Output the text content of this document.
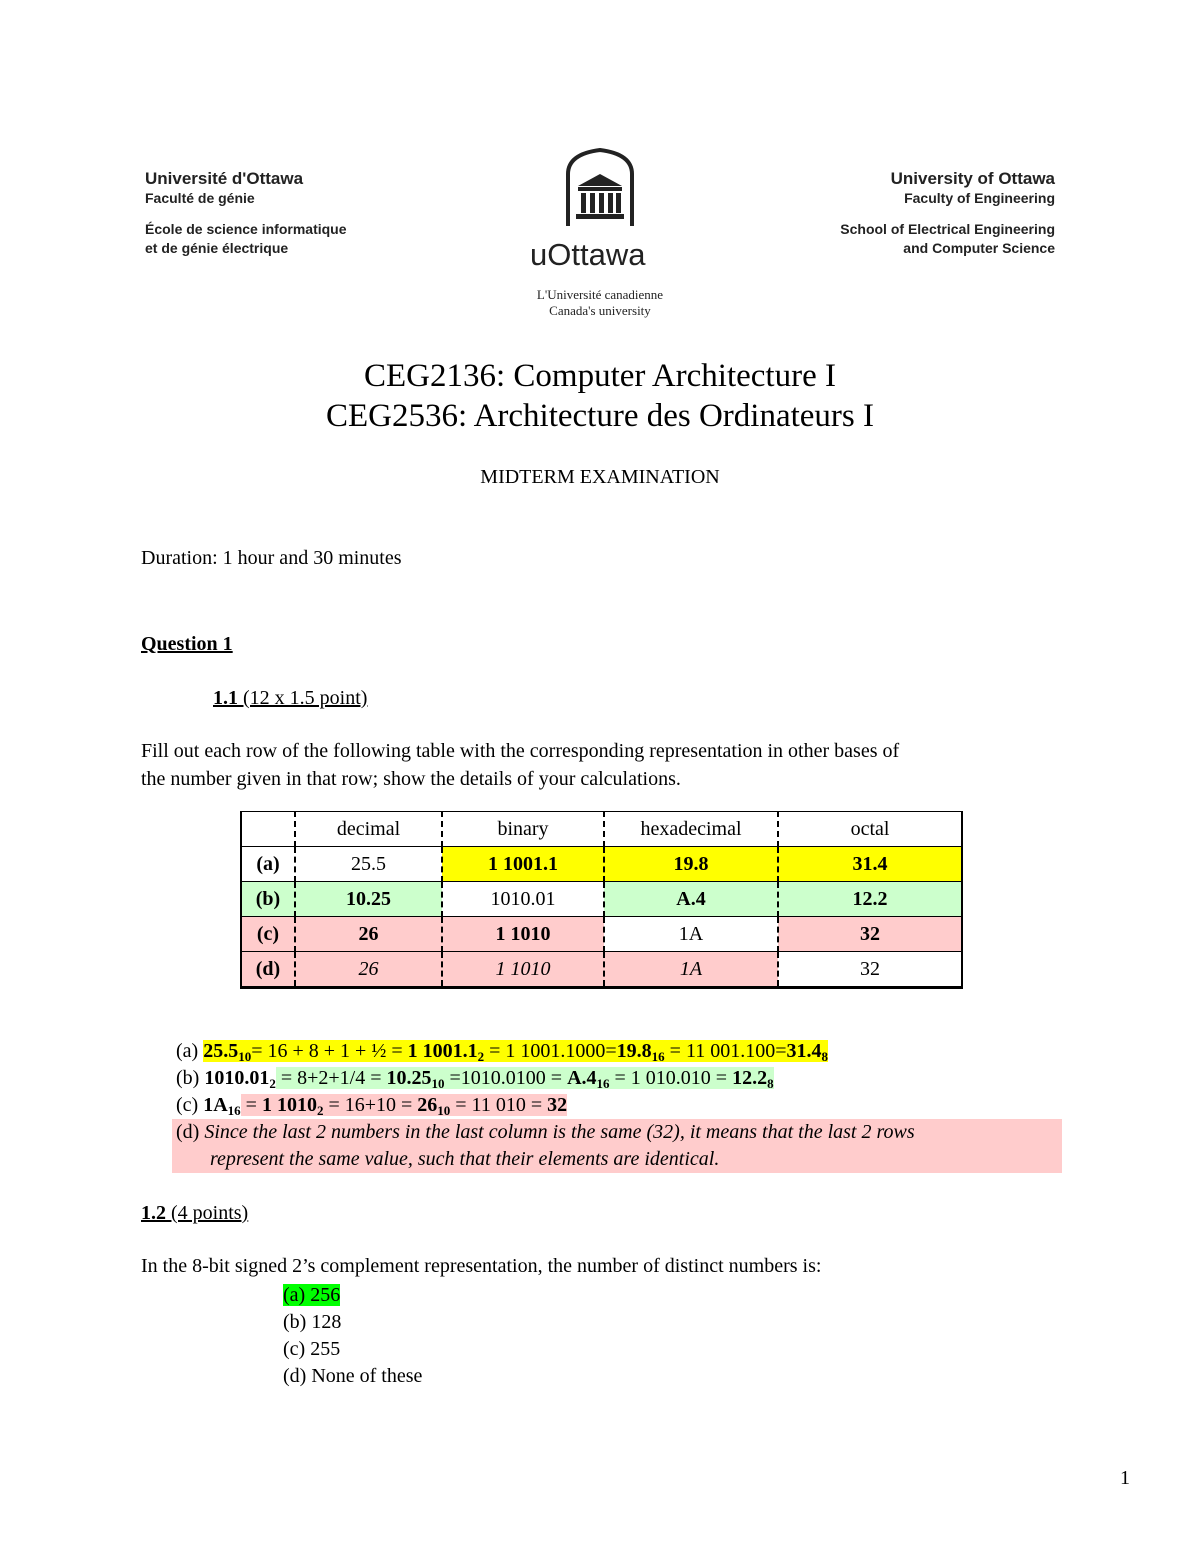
Université d'Ottawa
Faculté de génie
École de science informatique
et de génie électrique	uOttawa
L'Université canadienne
Canada's university
University of Ottawa
Faculty of Engineering
School of Electrical Engineering
and Computer Science
CEG2136: Computer Architecture I
CEG2536: Architecture des Ordinateurs I
MIDTERM EXAMINATION
Duration: 1 hour and 30 minutes
Question 1
1.1 (12 x 1.5 point)
Fill out each row of the following table with the corresponding representation in other bases of
the number given in that row; show the details of your calculations.
	decimal	binary	hexadecimal	octal
(a)	25.5	1 1001.1	19.8	31.4
(b)	10.25	1010.01	A.4	12.2
(c)	26	1 1010	1A	32
(d)	26	1 1010	1A	32
(a) $25.5_{10}= 16 + 8 + 1$ + ½ = 1 $1001.1_2 = 1$ $1001.1000=19.8_{16} = 11$ $001.100=31.4_8$
(b) $1010.01_2 = 8+2+1/4 = 10.25_{10} =1010.0100 = A.4_{16} = 1$ $010.010 = 12.2_8$
(c) $1A_{16} = 1$ $1010_2 = 16+10 = 26_{10} = 11$ 010 = 32
(d) Since the last 2 numbers in the last column is the same (32), it means that the last 2 rows
represent the same value, such that their elements are identical.
1.2 (4 points)
In the 8-bit signed 2’s complement representation, the number of distinct numbers is:
(a) 256
(b) 128
(c) 255
(d) None of these
1
